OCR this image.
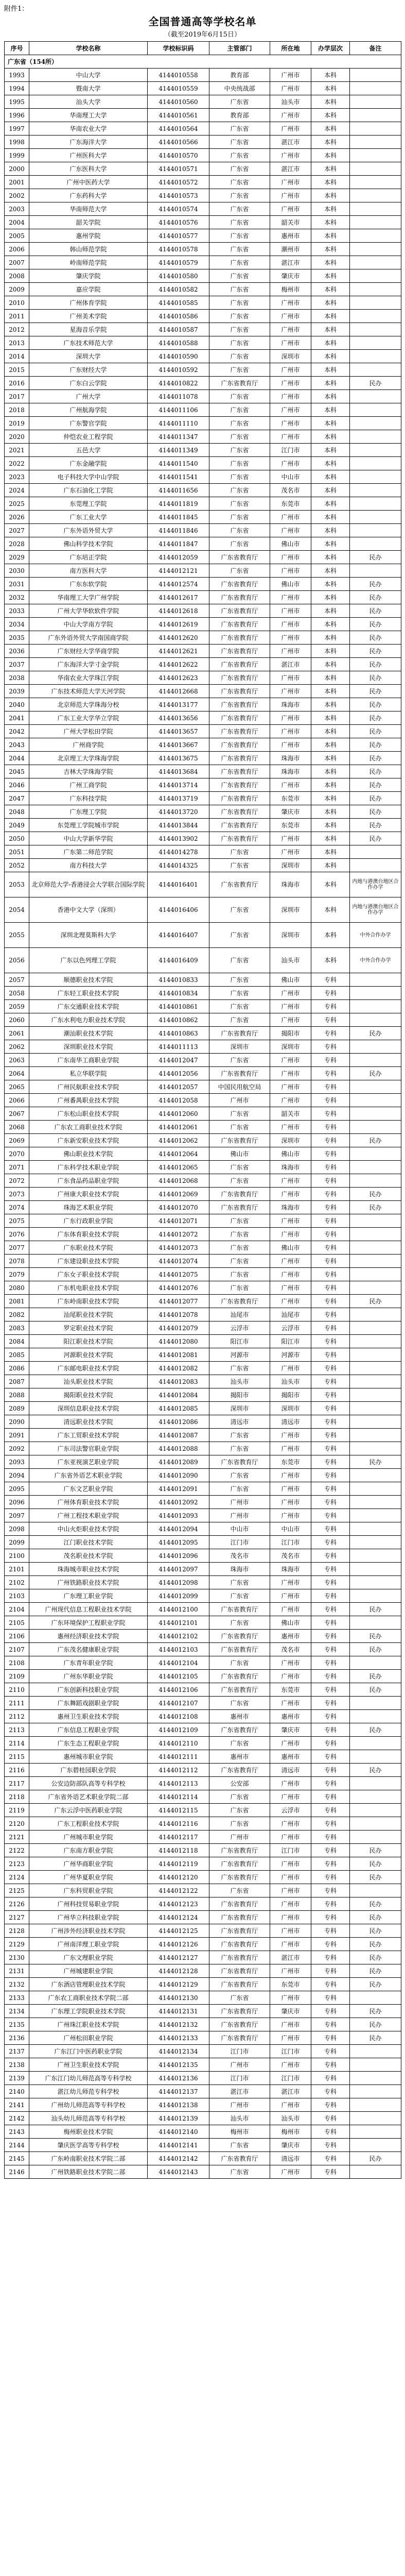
附件1：
全国普通高等学校名单
（截至2019年6月15日）
序号	学校名称	学校标识码	主管部门	所在地	办学层次	备注
广东省（154所）						
1993	中山大学	4144010558	教育部	广州市	本科	
1994	暨南大学	4144010559	中央统战部	广州市	本科	
1995	汕头大学	4144010560	广东省	汕头市	本科	
1996	华南理工大学	4144010561	教育部	广州市	本科	
1997	华南农业大学	4144010564	广东省	广州市	本科	
1998	广东海洋大学	4144010566	广东省	湛江市	本科	
1999	广州医科大学	4144010570	广东省	广州市	本科	
2000	广东医科大学	4144010571	广东省	湛江市	本科	
2001	广州中医药大学	4144010572	广东省	广州市	本科	
2002	广东药科大学	4144010573	广东省	广州市	本科	
2003	华南师范大学	4144010574	广东省	广州市	本科	
2004	韶关学院	4144010576	广东省	韶关市	本科	
2005	惠州学院	4144010577	广东省	惠州市	本科	
2006	韩山师范学院	4144010578	广东省	潮州市	本科	
2007	岭南师范学院	4144010579	广东省	湛江市	本科	
2008	肇庆学院	4144010580	广东省	肇庆市	本科	
2009	嘉应学院	4144010582	广东省	梅州市	本科	
2010	广州体育学院	4144010585	广东省	广州市	本科	
2011	广州美术学院	4144010586	广东省	广州市	本科	
2012	星海音乐学院	4144010587	广东省	广州市	本科	
2013	广东技术师范大学	4144010588	广东省	广州市	本科	
2014	深圳大学	4144010590	广东省	深圳市	本科	
2015	广东财经大学	4144010592	广东省	广州市	本科	
2016	广东白云学院	4144010822	广东省教育厅	广州市	本科	民办
2017	广州大学	4144011078	广东省	广州市	本科	
2018	广州航海学院	4144011106	广东省	广州市	本科	
2019	广东警官学院	4144011110	广东省	广州市	本科	
2020	仲恺农业工程学院	4144011347	广东省	广州市	本科	
2021	五邑大学	4144011349	广东省	江门市	本科	
2022	广东金融学院	4144011540	广东省	广州市	本科	
2023	电子科技大学中山学院	4144011541	广东省	中山市	本科	
2024	广东石油化工学院	4144011656	广东省	茂名市	本科	
2025	东莞理工学院	4144011819	广东省	东莞市	本科	
2026	广东工业大学	4144011845	广东省	广州市	本科	
2027	广东外语外贸大学	4144011846	广东省	广州市	本科	
2028	佛山科学技术学院	4144011847	广东省	佛山市	本科	
2029	广东培正学院	4144012059	广东省教育厅	广州市	本科	民办
2030	南方医科大学	4144012121	广东省	广州市	本科	
2031	广东东软学院	4144012574	广东省教育厅	佛山市	本科	民办
2032	华南理工大学广州学院	4144012617	广东省教育厅	广州市	本科	民办
2033	广州大学华软软件学院	4144012618	广东省教育厅	广州市	本科	民办
2034	中山大学南方学院	4144012619	广东省教育厅	广州市	本科	民办
2035	广东外语外贸大学南国商学院	4144012620	广东省教育厅	广州市	本科	民办
2036	广东财经大学华商学院	4144012621	广东省教育厅	广州市	本科	民办
2037	广东海洋大学寸金学院	4144012622	广东省教育厅	湛江市	本科	民办
2038	华南农业大学珠江学院	4144012623	广东省教育厅	广州市	本科	民办
2039	广东技术师范大学天河学院	4144012668	广东省教育厅	广州市	本科	民办
2040	北京师范大学珠海分校	4144013177	广东省教育厅	珠海市	本科	民办
2041	广东工业大学华立学院	4144013656	广东省教育厅	广州市	本科	民办
2042	广州大学松田学院	4144013657	广东省教育厅	广州市	本科	民办
2043	广州商学院	4144013667	广东省教育厅	广州市	本科	民办
2044	北京理工大学珠海学院	4144013675	广东省教育厅	珠海市	本科	民办
2045	吉林大学珠海学院	4144013684	广东省教育厅	珠海市	本科	民办
2046	广州工商学院	4144013714	广东省教育厅	广州市	本科	民办
2047	广东科技学院	4144013719	广东省教育厅	东莞市	本科	民办
2048	广东理工学院	4144013720	广东省教育厅	肇庆市	本科	民办
2049	东莞理工学院城市学院	4144013844	广东省教育厅	东莞市	本科	民办
2050	中山大学新华学院	4144013902	广东省教育厅	广州市	本科	民办
2051	广东第二师范学院	4144014278	广东省	广州市	本科	
2052	南方科技大学	4144014325	广东省	深圳市	本科	
2053	北京师范大学-香港浸会大学联合国际学院	4144016401	广东省教育厅	珠海市	本科	内地与港澳台地区合作办学
2054	香港中文大学（深圳）	4144016406	广东省	深圳市	本科	内地与港澳台地区合作办学
2055	深圳北理莫斯科大学	4144016407	广东省	深圳市	本科	中外合作办学
2056	广东以色列理工学院	4144016409	广东省	汕头市	本科	中外合作办学
2057	顺德职业技术学院	4144010833	广东省	佛山市	专科	
2058	广东轻工职业技术学院	4144010834	广东省	广州市	专科	
2059	广东交通职业技术学院	4144010861	广东省	广州市	专科	
2060	广东水利电力职业技术学院	4144010862	广东省	广州市	专科	
2061	潮汕职业技术学院	4144010863	广东省教育厅	揭阳市	专科	民办
2062	深圳职业技术学院	4144011113	深圳市	深圳市	专科	
2063	广东南华工商职业学院	4144012047	广东省	广州市	专科	
2064	私立华联学院	4144012056	广东省教育厅	广州市	专科	民办
2065	广州民航职业技术学院	4144012057	中国民用航空局	广州市	专科	
2066	广州番禺职业技术学院	4144012058	广州市	广州市	专科	
2067	广东松山职业技术学院	4144012060	广东省	韶关市	专科	
2068	广东农工商职业技术学院	4144012061	广东省	广州市	专科	
2069	广东新安职业技术学院	4144012062	广东省教育厅	深圳市	专科	民办
2070	佛山职业技术学院	4144012064	佛山市	佛山市	专科	
2071	广东科学技术职业学院	4144012065	广东省	珠海市	专科	
2072	广东食品药品职业学院	4144012068	广东省	广州市	专科	
2073	广州康大职业技术学院	4144012069	广东省教育厅	广州市	专科	民办
2074	珠海艺术职业学院	4144012070	广东省教育厅	珠海市	专科	民办
2075	广东行政职业学院	4144012071	广东省	广州市	专科	
2076	广东体育职业技术学院	4144012072	广东省	广州市	专科	
2077	广东职业技术学院	4144012073	广东省	佛山市	专科	
2078	广东建设职业技术学院	4144012074	广东省	广州市	专科	
2079	广东女子职业技术学院	4144012075	广东省	广州市	专科	
2080	广东机电职业技术学院	4144012076	广东省	广州市	专科	
2081	广东岭南职业技术学院	4144012077	广东省教育厅	广州市	专科	民办
2082	汕尾职业技术学院	4144012078	汕尾市	汕尾市	专科	
2083	罗定职业技术学院	4144012079	云浮市	云浮市	专科	
2084	阳江职业技术学院	4144012080	阳江市	阳江市	专科	
2085	河源职业技术学院	4144012081	河源市	河源市	专科	
2086	广东邮电职业技术学院	4144012082	广东省	广州市	专科	
2087	汕头职业技术学院	4144012083	汕头市	汕头市	专科	
2088	揭阳职业技术学院	4144012084	揭阳市	揭阳市	专科	
2089	深圳信息职业技术学院	4144012085	深圳市	深圳市	专科	
2090	清远职业技术学院	4144012086	清远市	清远市	专科	
2091	广东工贸职业技术学院	4144012087	广东省	广州市	专科	
2092	广东司法警官职业学院	4144012088	广东省	广州市	专科	
2093	广东亚视演艺职业学院	4144012089	广东省教育厅	东莞市	专科	民办
2094	广东省外语艺术职业学院	4144012090	广东省	广州市	专科	
2095	广东文艺职业学院	4144012091	广东省	广州市	专科	
2096	广州体育职业技术学院	4144012092	广州市	广州市	专科	
2097	广州工程技术职业学院	4144012093	广州市	广州市	专科	
2098	中山火炬职业技术学院	4144012094	中山市	中山市	专科	
2099	江门职业技术学院	4144012095	江门市	江门市	专科	
2100	茂名职业技术学院	4144012096	茂名市	茂名市	专科	
2101	珠海城市职业技术学院	4144012097	珠海市	珠海市	专科	
2102	广州铁路职业技术学院	4144012098	广东省	广州市	专科	
2103	广东理工职业学院	4144012099	广东省	广州市	专科	
2104	广州现代信息工程职业技术学院	4144012100	广东省教育厅	广州市	专科	民办
2105	广东环境保护工程职业学院	4144012101	广东省	佛山市	专科	
2106	惠州经济职业技术学院	4144012102	广东省教育厅	惠州市	专科	民办
2107	广东茂名健康职业学院	4144012103	广东省教育厅	茂名市	专科	民办
2108	广东青年职业学院	4144012104	广东省	广州市	专科	
2109	广州东华职业学院	4144012105	广东省教育厅	广州市	专科	民办
2110	广东创新科技职业学院	4144012106	广东省教育厅	东莞市	专科	民办
2111	广东舞蹈戏剧职业学院	4144012107	广东省	广州市	专科	
2112	惠州卫生职业技术学院	4144012108	惠州市	惠州市	专科	
2113	广东信息工程职业学院	4144012109	广东省教育厅	肇庆市	专科	民办
2114	广东生态工程职业学院	4144012110	广东省	广州市	专科	
2115	惠州城市职业学院	4144012111	惠州市	惠州市	专科	
2116	广东碧桂园职业学院	4144012112	广东省教育厅	清远市	专科	民办
2117	公安边防部队高等专科学校	4144012113	公安部	广州市	专科	
2118	广东省外语艺术职业学院二部	4144012114	广东省	广州市	专科	
2119	广东云浮中医药职业学院	4144012115	广东省	云浮市	专科	
2120	广东工程职业技术学院	4144012116	广东省	广州市	专科	
2121	广州城市职业学院	4144012117	广州市	广州市	专科	
2122	广东南方职业学院	4144012118	广东省教育厅	江门市	专科	民办
2123	广州华商职业学院	4144012119	广东省教育厅	广州市	专科	民办
2124	广州华夏职业学院	4144012120	广东省教育厅	广州市	专科	民办
2125	广东科贸职业学院	4144012122	广东省	广州市	专科	
2126	广州科技贸易职业学院	4144012123	广东省教育厅	广州市	专科	民办
2127	广州华立科技职业学院	4144012124	广东省教育厅	广州市	专科	民办
2128	广州涉外经济职业技术学院	4144012125	广东省教育厅	广州市	专科	民办
2129	广州南洋理工职业学院	4144012126	广东省教育厅	广州市	专科	民办
2130	广东文理职业学院	4144012127	广东省教育厅	湛江市	专科	民办
2131	广州城建职业学院	4144012128	广东省教育厅	广州市	专科	民办
2132	广东酒店管理职业技术学院	4144012129	广东省教育厅	东莞市	专科	民办
2133	广东农工商职业技术学院二部	4144012130	广东省	广州市	专科	
2134	广东理工学院职业技术学院	4144012131	广东省教育厅	肇庆市	专科	民办
2135	广州珠江职业技术学院	4144012132	广东省教育厅	广州市	专科	民办
2136	广州松田职业学院	4144012133	广东省教育厅	广州市	专科	民办
2137	广东江门中医药职业学院	4144012134	江门市	江门市	专科	
2138	广州卫生职业技术学院	4144012135	广州市	广州市	专科	
2139	广东江门幼儿师范高等专科学校	4144012136	江门市	江门市	专科	
2140	湛江幼儿师范专科学校	4144012137	湛江市	湛江市	专科	
2141	广州幼儿师范高等专科学校	4144012138	广州市	广州市	专科	
2142	汕头幼儿师范高等专科学校	4144012139	汕头市	汕头市	专科	
2143	梅州职业技术学院	4144012140	梅州市	梅州市	专科	
2144	肇庆医学高等专科学校	4144012141	广东省	肇庆市	专科	
2145	广东岭南职业技术学院二部	4144012142	广东省教育厅	清远市	专科	民办
2146	广州铁路职业技术学院二部	4144012143	广东省	广州市	专科	
